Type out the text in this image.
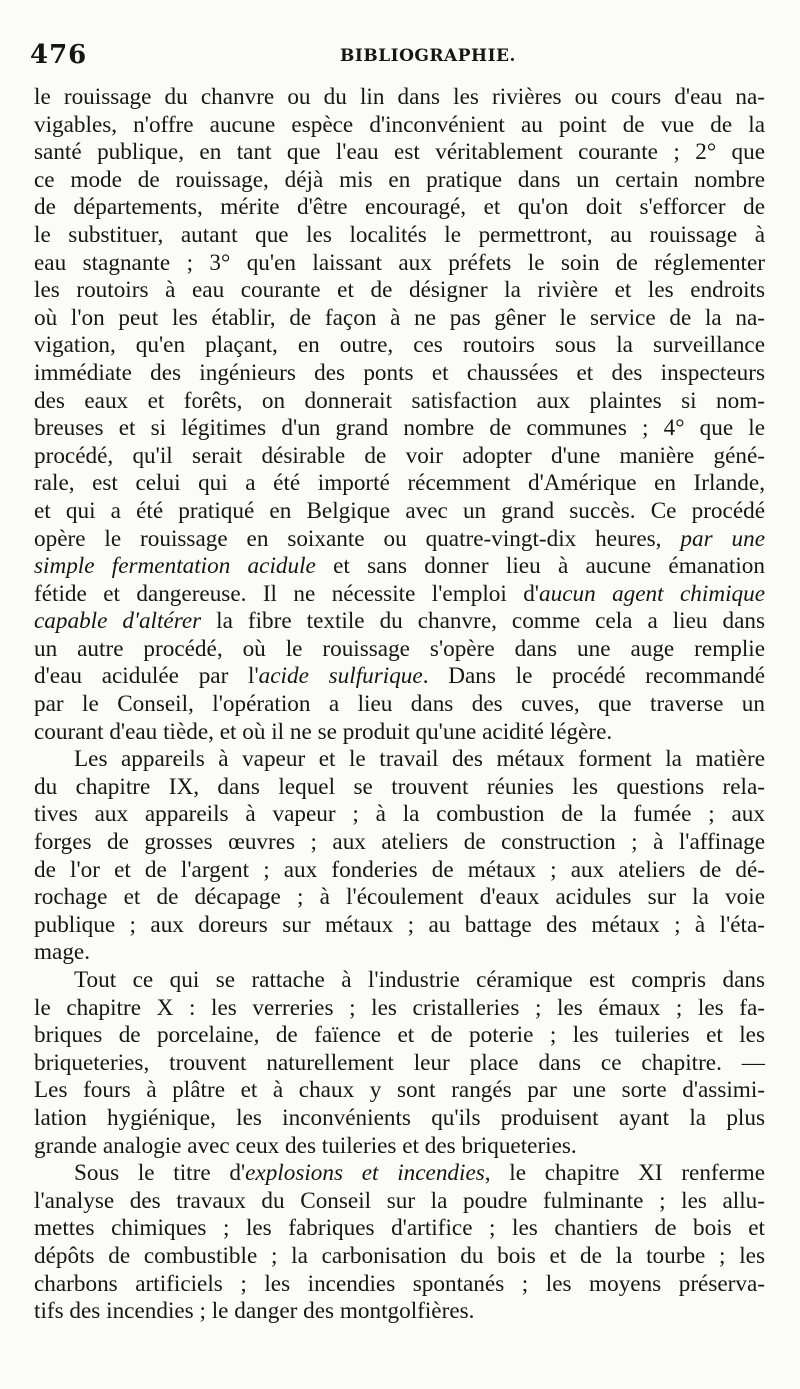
476	BIBLIOGRAPHIE.
le rouissage du chanvre ou du lin dans les rivières ou cours d'eau na-
vigables, n'offre aucune espèce d'inconvénient au point de vue de la
santé publique, en tant que l'eau est véritablement courante ; 2° que
ce mode de rouissage, déjà mis en pratique dans un certain nombre
de départements, mérite d'être encouragé, et qu'on doit s'efforcer de
le substituer, autant que les localités le permettront, au rouissage à
eau stagnante ; 3° qu'en laissant aux préfets le soin de réglementer
les routoirs à eau courante et de désigner la rivière et les endroits
où l'on peut les établir, de façon à ne pas gêner le service de la na-
vigation, qu'en plaçant, en outre, ces routoirs sous la surveillance
immédiate des ingénieurs des ponts et chaussées et des inspecteurs
des eaux et forêts, on donnerait satisfaction aux plaintes si nom-
breuses et si légitimes d'un grand nombre de communes ; 4° que le
procédé, qu'il serait désirable de voir adopter d'une manière géné-
rale, est celui qui a été importé récemment d'Amérique en Irlande,
et qui a été pratiqué en Belgique avec un grand succès. Ce procédé
opère le rouissage en soixante ou quatre-vingt-dix heures, par une
simple fermentation acidule et sans donner lieu à aucune émanation
fétide et dangereuse. Il ne nécessite l'emploi d'aucun agent chimique
capable d'altérer la fibre textile du chanvre, comme cela a lieu dans
un autre procédé, où le rouissage s'opère dans une auge remplie
d'eau acidulée par l'acide sulfurique. Dans le procédé recommandé
par le Conseil, l'opération a lieu dans des cuves, que traverse un
courant d'eau tiède, et où il ne se produit qu'une acidité légère.
Les appareils à vapeur et le travail des métaux forment la matière
du chapitre IX, dans lequel se trouvent réunies les questions rela-
tives aux appareils à vapeur ; à la combustion de la fumée ; aux
forges de grosses œuvres ; aux ateliers de construction ; à l'affinage
de l'or et de l'argent ; aux fonderies de métaux ; aux ateliers de dé-
rochage et de décapage ; à l'écoulement d'eaux acidules sur la voie
publique ; aux doreurs sur métaux ; au battage des métaux ; à l'éta-
mage.
Tout ce qui se rattache à l'industrie céramique est compris dans
le chapitre X : les verreries ; les cristalleries ; les émaux ; les fa-
briques de porcelaine, de faïence et de poterie ; les tuileries et les
briqueteries, trouvent naturellement leur place dans ce chapitre. —
Les fours à plâtre et à chaux y sont rangés par une sorte d'assimi-
lation hygiénique, les inconvénients qu'ils produisent ayant la plus
grande analogie avec ceux des tuileries et des briqueteries.
Sous le titre d'explosions et incendies, le chapitre XI renferme
l'analyse des travaux du Conseil sur la poudre fulminante ; les allu-
mettes chimiques ; les fabriques d'artifice ; les chantiers de bois et
dépôts de combustible ; la carbonisation du bois et de la tourbe ; les
charbons artificiels ; les incendies spontanés ; les moyens préserva-
tifs des incendies ; le danger des montgolfières.
